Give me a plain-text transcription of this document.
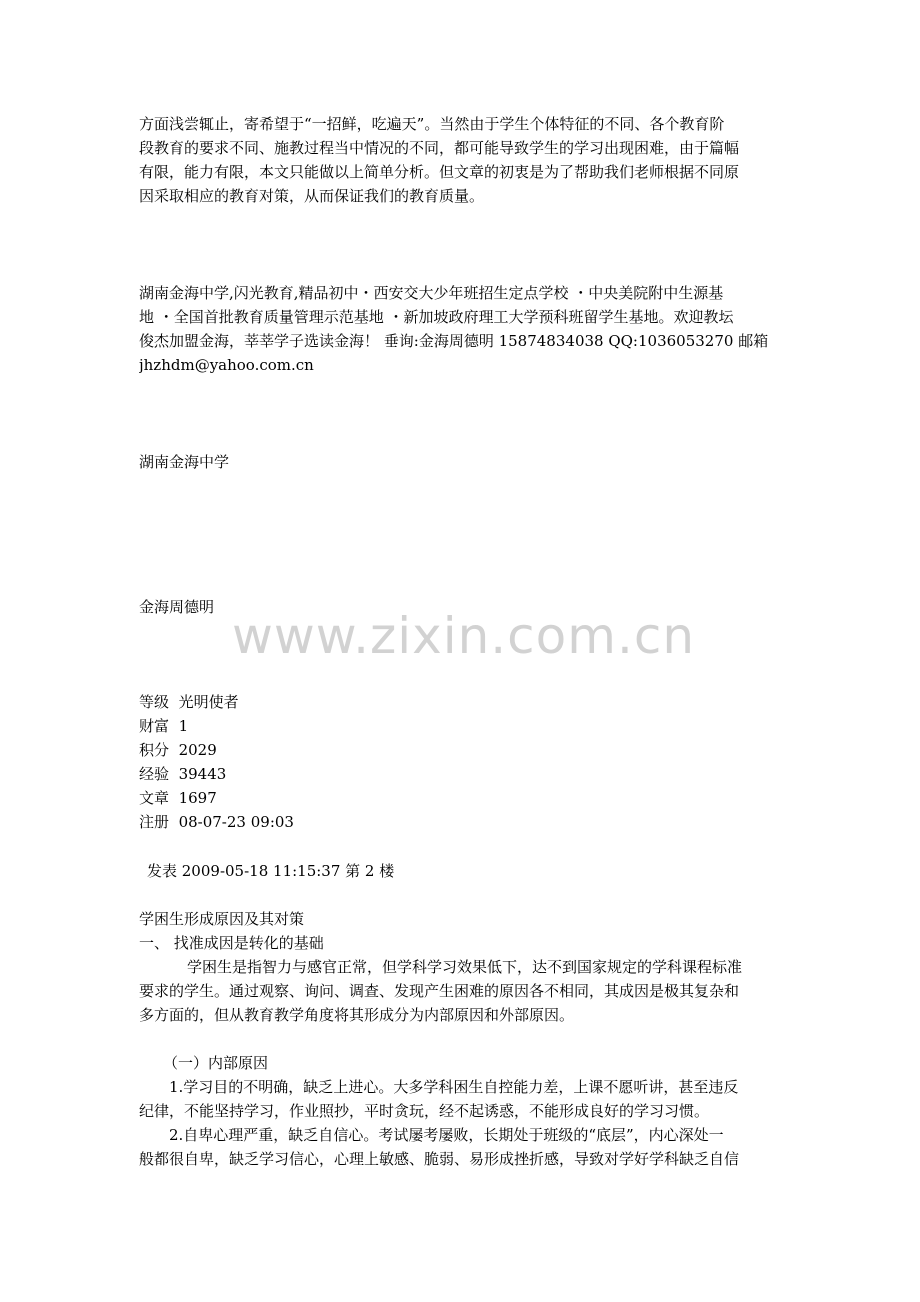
方面浅尝辄止，寄希望于“一招鲜，吃遍天”。当然由于学生个体特征的不同、各个教育阶
段教育的要求不同、施教过程当中情况的不同，都可能导致学生的学习出现困难，由于篇幅
有限，能力有限，本文只能做以上简单分析。但文章的初衷是为了帮助我们老师根据不同原
因采取相应的教育对策，从而保证我们的教育质量。
湖南金海中学,闪光教育,精品初中・西安交大少年班招生定点学校 ・中央美院附中生源基
地 ・全国首批教育质量管理示范基地 ・新加坡政府理工大学预科班留学生基地。欢迎教坛
俊杰加盟金海，莘莘学子选读金海！ 垂询:金海周德明 15874834038 QQ:1036053270 邮箱
jhzhdm@yahoo.com.cn
湖南金海中学
金海周德明 www.zixin.com.cn
等级 光明使者
财富 1
积分 2029
经验 39443
文章 1697
注册 08-07-23 09:03
发表 2009-05-18 11:15:37 第 2 楼
学困生形成原因及其对策
一、 找准成因是转化的基础
学困生是指智力与感官正常，但学科学习效果低下，达不到国家规定的学科课程标准
要求的学生。通过观察、询问、调查、发现产生困难的原因各不相同，其成因是极其复杂和
多方面的，但从教育教学角度将其形成分为内部原因和外部原因。
（一）内部原因
1.学习目的不明确，缺乏上进心。大多学科困生自控能力差，上课不愿听讲，甚至违反
纪律，不能坚持学习，作业照抄，平时贪玩，经不起诱惑，不能形成良好的学习习惯。
2.自卑心理严重，缺乏自信心。考试屡考屡败，长期处于班级的“底层”，内心深处一
般都很自卑，缺乏学习信心，心理上敏感、脆弱、易形成挫折感，导致对学好学科缺乏自信
